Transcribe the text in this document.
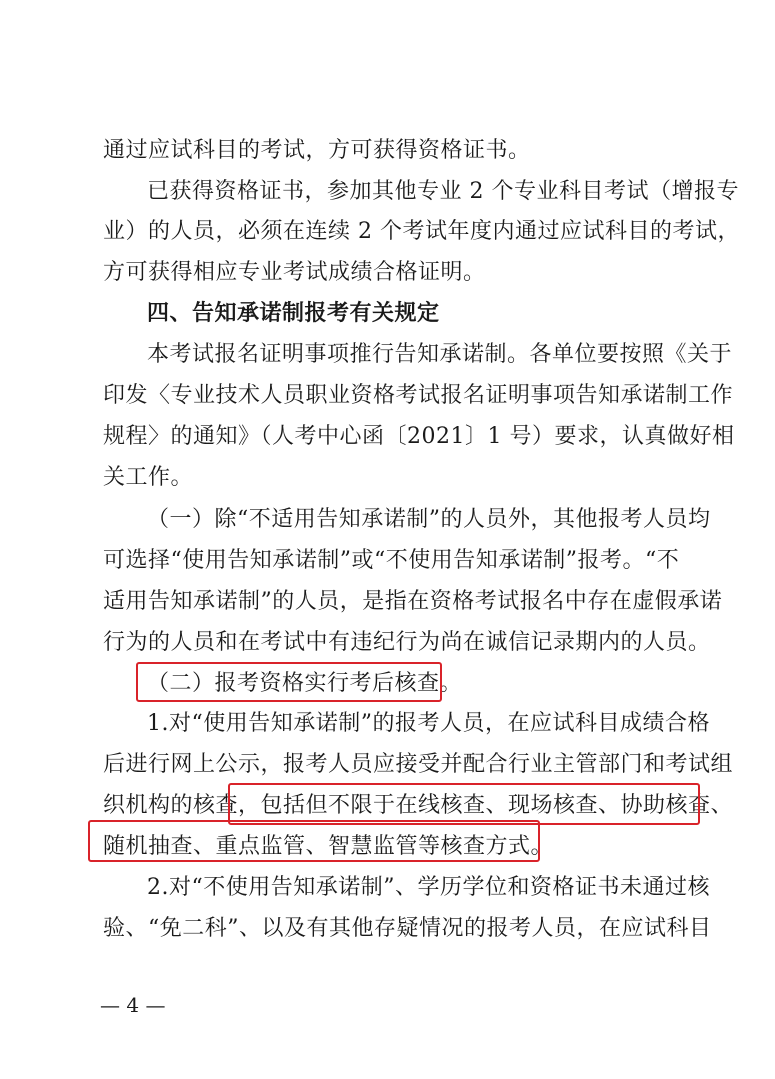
通过应试科目的考试，方可获得资格证书。
已获得资格证书，参加其他专业 2 个专业科目考试（增报专
业）的人员，必须在连续 2 个考试年度内通过应试科目的考试，
方可获得相应专业考试成绩合格证明。
四、告知承诺制报考有关规定
本考试报名证明事项推行告知承诺制。各单位要按照《关于
印发〈专业技术人员职业资格考试报名证明事项告知承诺制工作
规程〉的通知》（人考中心函〔2021〕1 号）要求，认真做好相
关工作。
（一）除“不适用告知承诺制”的人员外，其他报考人员均
可选择“使用告知承诺制”或“不使用告知承诺制”报考。“不
适用告知承诺制”的人员，是指在资格考试报名中存在虚假承诺
行为的人员和在考试中有违纪行为尚在诚信记录期内的人员。
（二）报考资格实行考后核查。
1.对“使用告知承诺制”的报考人员，在应试科目成绩合格
后进行网上公示，报考人员应接受并配合行业主管部门和考试组
织机构的核查，包括但不限于在线核查、现场核查、协助核查、
随机抽查、重点监管、智慧监管等核查方式。
2.对“不使用告知承诺制”、学历学位和资格证书未通过核
验、“免二科”、以及有其他存疑情况的报考人员，在应试科目
— 4 —
